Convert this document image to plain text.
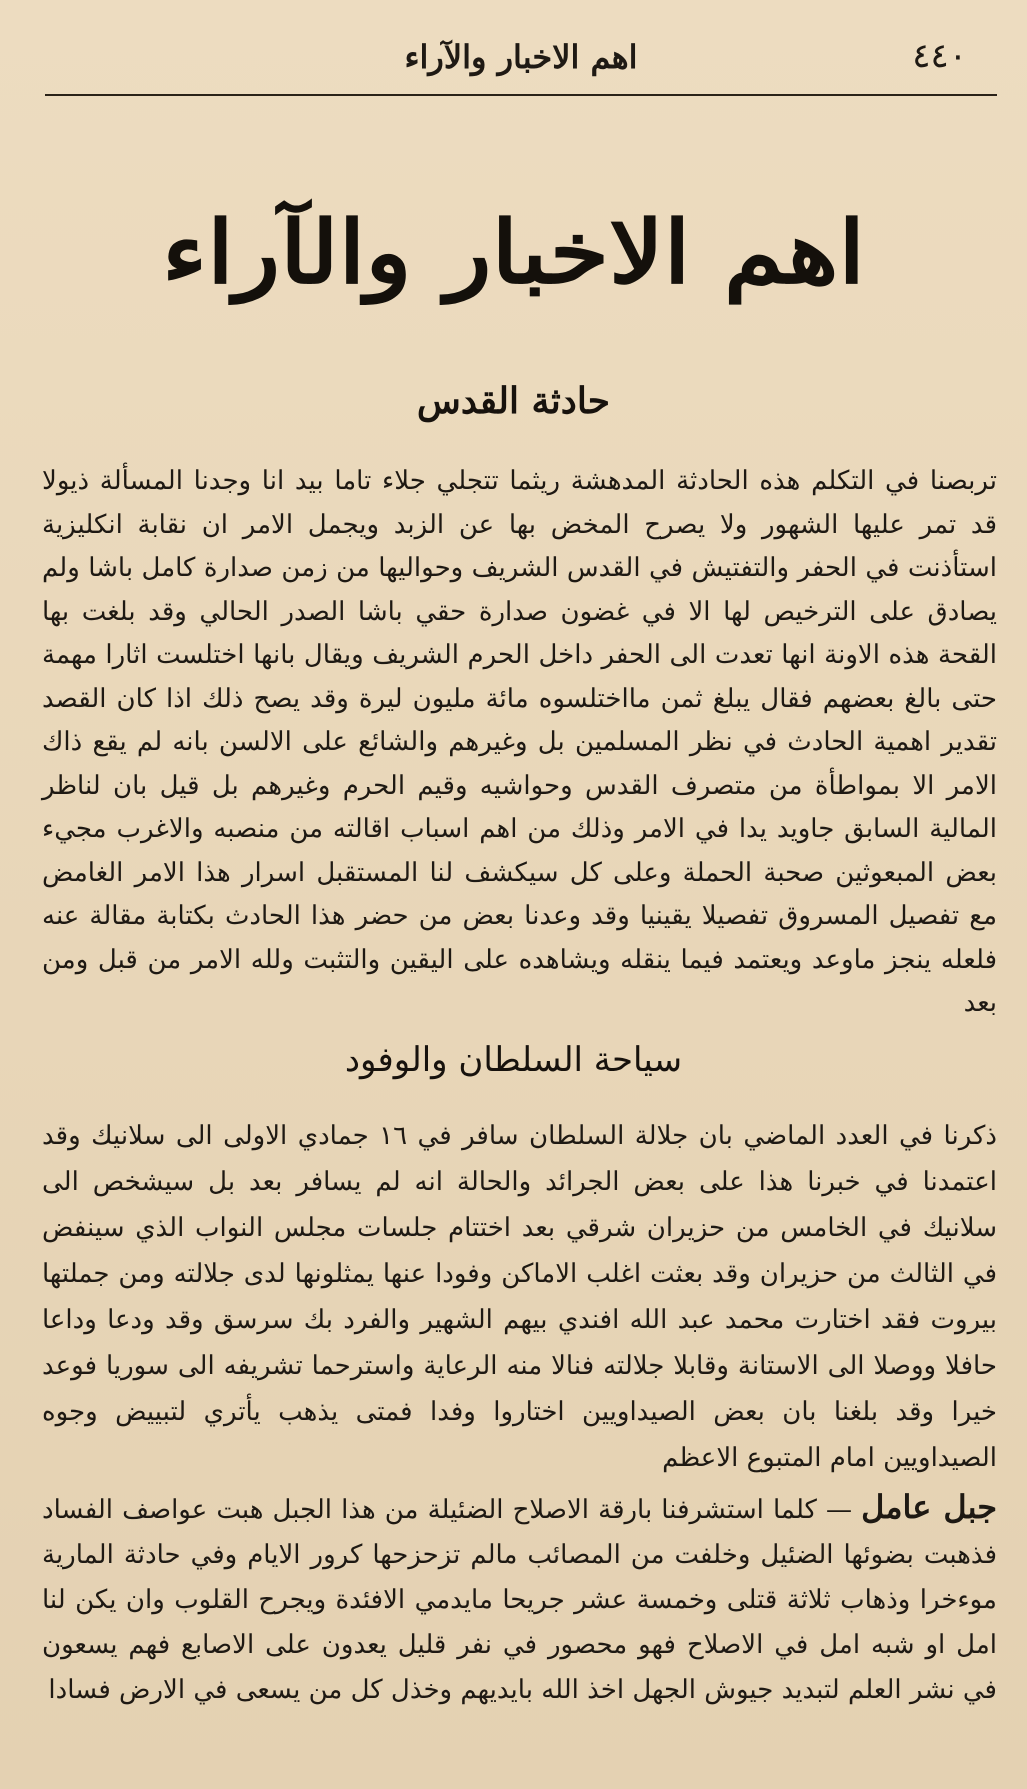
٤٤٠
اهم الاخبار والآراء
اهم الاخبار والآراء
حادثة القدس
تربصنا في التكلم هذه الحادثة المدهشة ريثما تتجلي جلاء تاما بيد انا وجدنا المسألة ذيولا قد تمر عليها الشهور ولا يصرح المخض بها عن الزبد ويجمل الامر ان نقابة انكليزية استأذنت في الحفر والتفتيش في القدس الشريف وحواليها من زمن صدارة كامل باشا ولم يصادق على الترخيص لها الا في غضون صدارة حقي باشا الصدر الحالي وقد بلغت بها القحة هذه الاونة انها تعدت الى الحفر داخل الحرم الشريف ويقال بانها اختلست اثارا مهمة حتى بالغ بعضهم فقال يبلغ ثمن مااختلسوه مائة مليون ليرة وقد يصح ذلك اذا كان القصد تقدير اهمية الحادث في نظر المسلمين بل وغيرهم والشائع على الالسن بانه لم يقع ذاك الامر الا بمواطأة من متصرف القدس وحواشيه وقيم الحرم وغيرهم بل قيل بان لناظر المالية السابق جاويد يدا في الامر وذلك من اهم اسباب اقالته من منصبه والاغرب مجيء بعض المبعوثين صحبة الحملة وعلى كل سيكشف لنا المستقبل اسرار هذا الامر الغامض مع تفصيل المسروق تفصيلا يقينيا وقد وعدنا بعض من حضر هذا الحادث بكتابة مقالة عنه فلعله ينجز ماوعد ويعتمد فيما ينقله ويشاهده على اليقين والتثبت ولله الامر من قبل ومن بعد
سياحة السلطان والوفود
ذكرنا في العدد الماضي بان جلالة السلطان سافر في ١٦ جمادي الاولى الى سلانيك وقد اعتمدنا في خبرنا هذا على بعض الجرائد والحالة انه لم يسافر بعد بل سيشخص الى سلانيك في الخامس من حزيران شرقي بعد اختتام جلسات مجلس النواب الذي سينفض في الثالث من حزيران وقد بعثت اغلب الاماكن وفودا عنها يمثلونها لدى جلالته ومن جملتها بيروت فقد اختارت محمد عبد الله افندي بيهم الشهير والفرد بك سرسق وقد ودعا وداعا حافلا ووصلا الى الاستانة وقابلا جلالته فنالا منه الرعاية واسترحما تشريفه الى سوريا فوعد خيرا وقد بلغنا بان بعض الصيداويين اختاروا وفدا فمتى يذهب يأتري لتبييض وجوه الصيداويين امام المتبوع الاعظم
جبل عامل — كلما استشرفنا بارقة الاصلاح الضئيلة من هذا الجبل هبت عواصف الفساد فذهبت بضوئها الضئيل وخلفت من المصائب مالم تزحزحها كرور الايام وفي حادثة المارية موءخرا وذهاب ثلاثة قتلى وخمسة عشر جريحا مايدمي الافئدة ويجرح القلوب وان يكن لنا امل او شبه امل في الاصلاح فهو محصور في نفر قليل يعدون على الاصابع فهم يسعون في نشر العلم لتبديد جيوش الجهل اخذ الله بايديهم وخذل كل من يسعى في الارض فسادا
